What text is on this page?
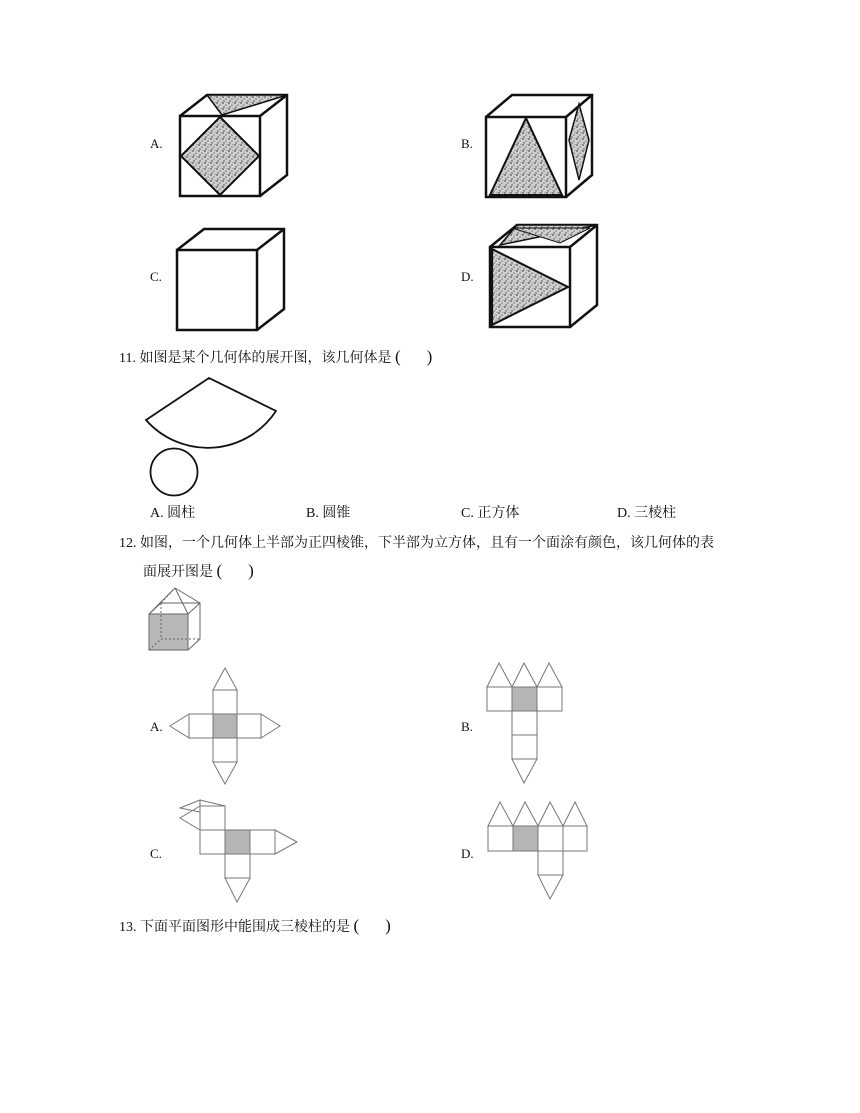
A.	B.
C.	D.
11. 如图是某个几何体的展开图，该几何体是 ( )
A. 圆柱	B. 圆锥	C. 正方体	D. 三棱柱
12. 如图，一个几何体上半部为正四棱锥，下半部为立方体，且有一个面涂有颜色，该几何体的表
面展开图是 ( )
A.	B.
C.	D.
13. 下面平面图形中能围成三棱柱的是 ( )
